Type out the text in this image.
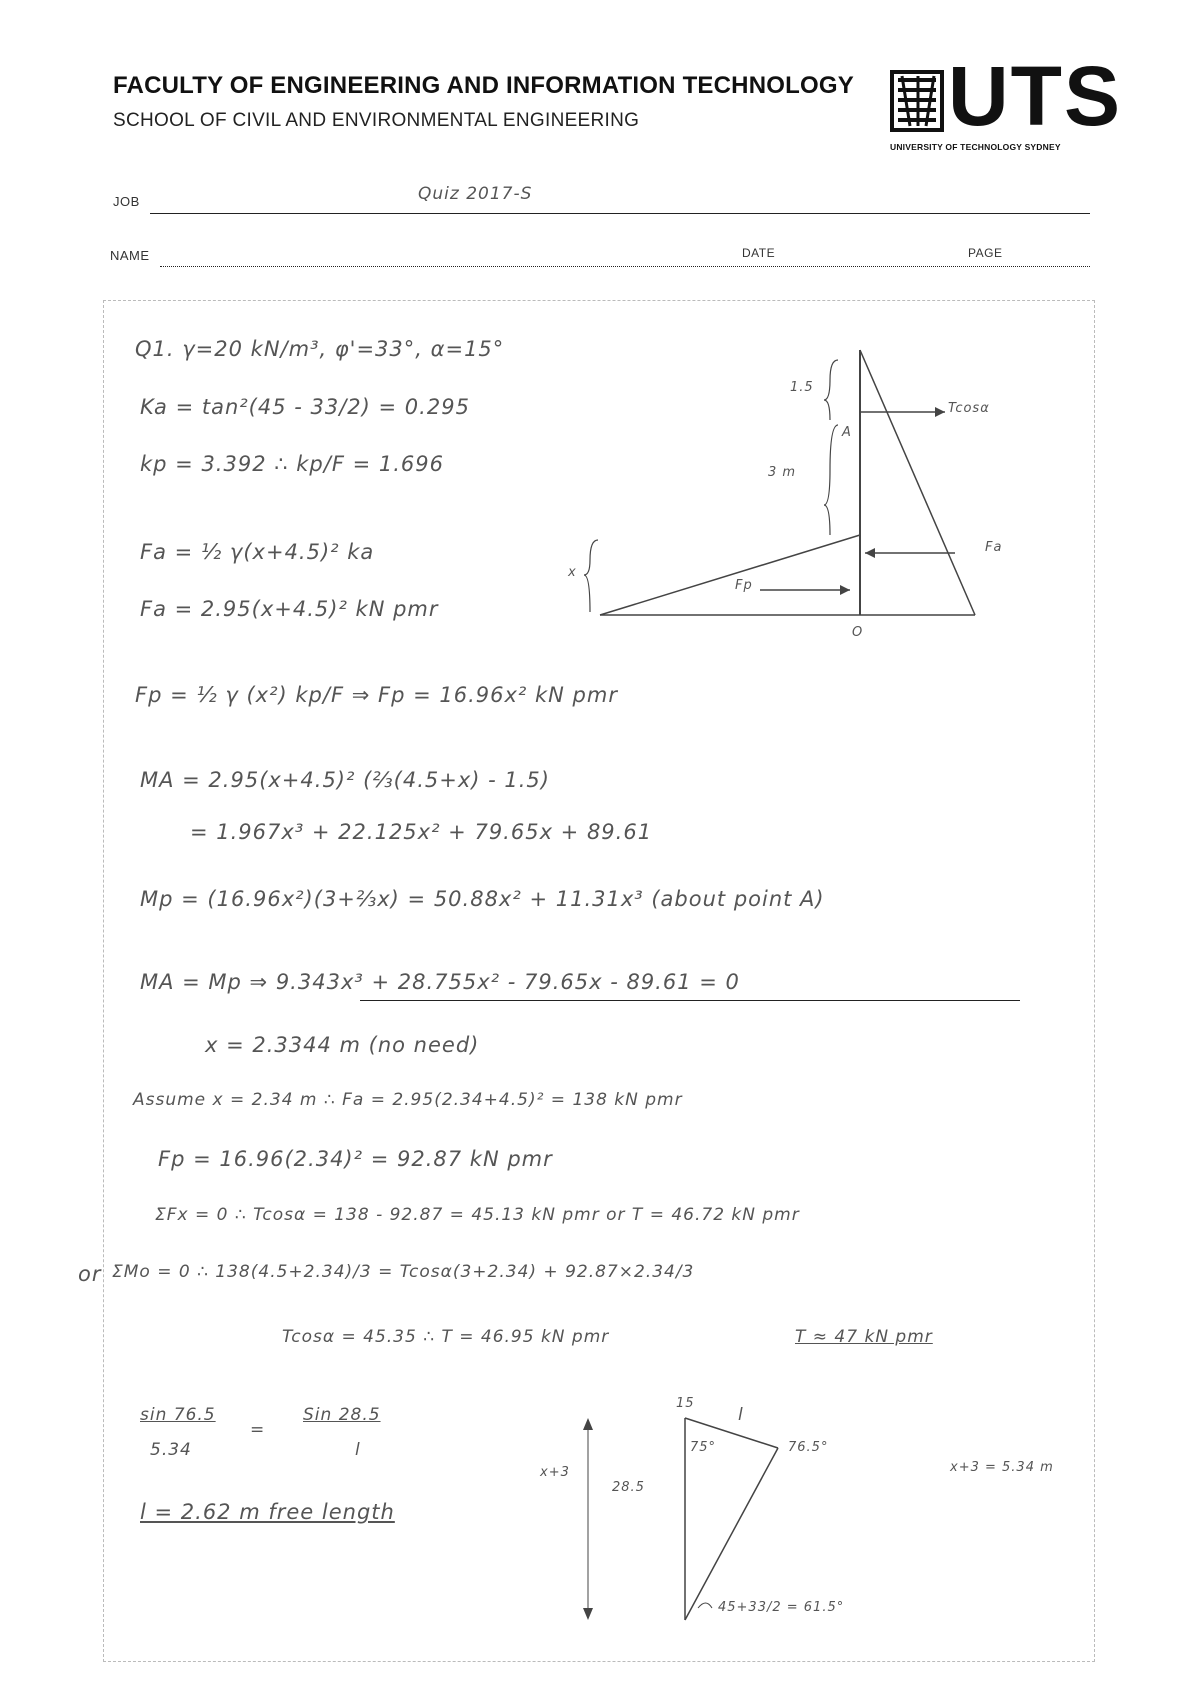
FACULTY OF ENGINEERING AND INFORMATION TECHNOLOGY
SCHOOL OF CIVIL AND ENVIRONMENTAL ENGINEERING	UTS
UNIVERSITY OF TECHNOLOGY SYDNEY
JOB	Quiz 2017-S
NAME	DATE	PAGE
Q1. γ=20 kN/m³, φ'=33°, α=15°
Ka = tan²(45 - 33/2) = 0.295
kp = 3.392 ∴ kp/F = 1.696
Fa = ½ γ(x+4.5)² ka
Fa = 2.95(x+4.5)² kN pmr
Fp = ½ γ (x²) kp/F ⇒ Fp = 16.96x² kN pmr
MA = 2.95(x+4.5)² (⅔(4.5+x) - 1.5)
= 1.967x³ + 22.125x² + 79.65x + 89.61
Mp = (16.96x²)(3+⅔x) = 50.88x² + 11.31x³ (about point A)
MA = Mp ⇒ 9.343x³ + 28.755x² - 79.65x - 89.61 = 0
x = 2.3344 m (no need)
Assume x = 2.34 m ∴ Fa = 2.95(2.34+4.5)² = 138 kN pmr
Fp = 16.96(2.34)² = 92.87 kN pmr
ΣFx = 0 ∴ Tcosα = 138 - 92.87 = 45.13 kN pmr or T = 46.72 kN pmr
or ΣMo = 0 ∴ 138(4.5+2.34)/3 = Tcosα(3+2.34) + 92.87×2.34/3
Tcosα = 45.35 ∴ T = 46.95 kN pmr	T ≈ 47 kN pmr
sin 76.5
5.34
=
Sin 28.5
l
l = 2.62 m free length
x+3 = 5.34 m
1.5
A
3 m
Tcosα
Fa
Fp
x
O
15
l
76.5°
28.5
75°
x+3
45+33/2 = 61.5°
